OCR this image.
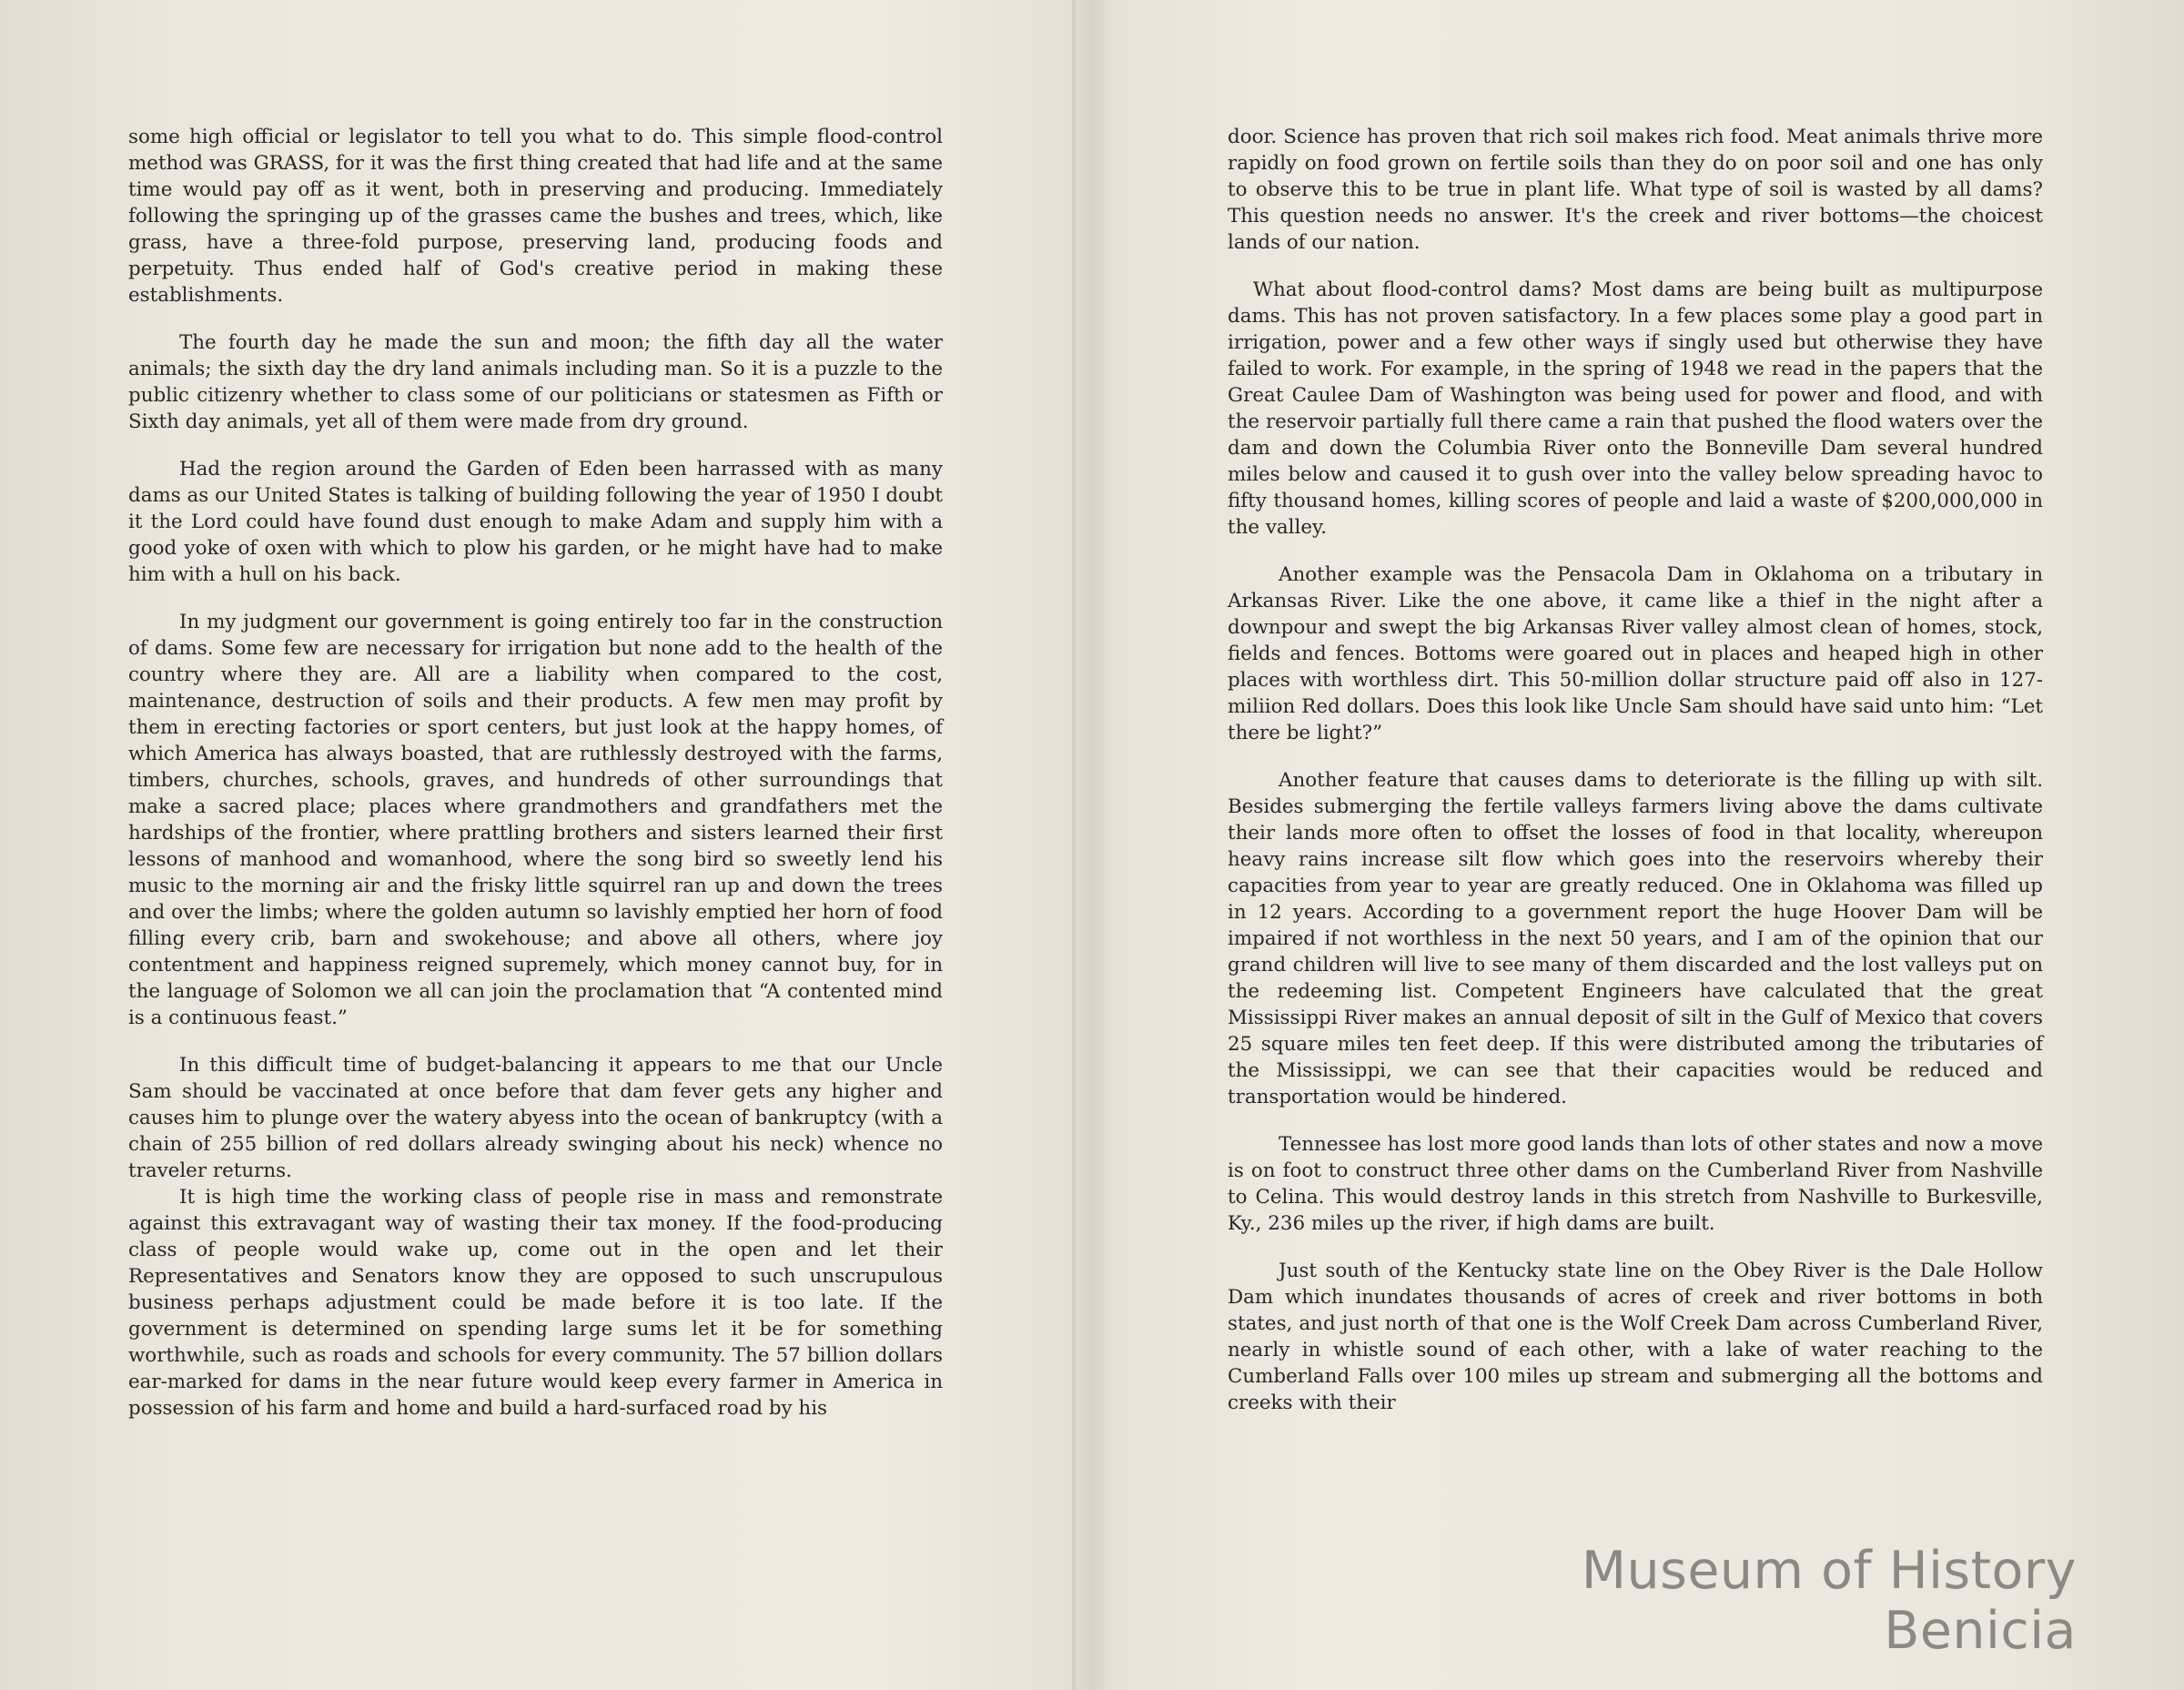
some high official or legislator to tell you what to do. This simple flood-control method was GRASS, for it was the first thing created that had life and at the same time would pay off as it went, both in preserving and producing. Immediately following the springing up of the grasses came the bushes and trees, which, like grass, have a three-fold purpose, preserving land, producing foods and perpetuity. Thus ended half of God's creative period in making these establishments.

The fourth day he made the sun and moon; the fifth day all the water animals; the sixth day the dry land animals including man. So it is a puzzle to the public citizenry whether to class some of our politicians or statesmen as Fifth or Sixth day animals, yet all of them were made from dry ground.

Had the region around the Garden of Eden been harrassed with as many dams as our United States is talking of building following the year of 1950 I doubt it the Lord could have found dust enough to make Adam and supply him with a good yoke of oxen with which to plow his garden, or he might have had to make him with a hull on his back.

In my judgment our government is going entirely too far in the construction of dams. Some few are necessary for irrigation but none add to the health of the country where they are. All are a liability when compared to the cost, maintenance, destruction of soils and their products. A few men may profit by them in erecting factories or sport centers, but just look at the happy homes, of which America has always boasted, that are ruthlessly destroyed with the farms, timbers, churches, schools, graves, and hundreds of other surroundings that make a sacred place; places where grandmothers and grandfathers met the hardships of the frontier, where prattling brothers and sisters learned their first lessons of manhood and womanhood, where the song bird so sweetly lend his music to the morning air and the frisky little squirrel ran up and down the trees and over the limbs; where the golden autumn so lavishly emptied her horn of food filling every crib, barn and swokehouse; and above all others, where joy contentment and happiness reigned supremely, which money cannot buy, for in the language of Solomon we all can join the proclamation that “A contented mind is a continuous feast.”

In this difficult time of budget-balancing it appears to me that our Uncle Sam should be vaccinated at once before that dam fever gets any higher and causes him to plunge over the watery abyess into the ocean of bankruptcy (with a chain of 255 billion of red dollars already swinging about his neck) whence no traveler returns.

It is high time the working class of people rise in mass and remonstrate against this extravagant way of wasting their tax money. If the food-producing class of people would wake up, come out in the open and let their Representatives and Senators know they are opposed to such unscrupulous business perhaps adjustment could be made before it is too late. If the government is determined on spending large sums let it be for something worthwhile, such as roads and schools for every community. The 57 billion dollars ear-marked for dams in the near future would keep every farmer in America in possession of his farm and home and build a hard-surfaced road by his

door. Science has proven that rich soil makes rich food. Meat animals thrive more rapidly on food grown on fertile soils than they do on poor soil and one has only to observe this to be true in plant life. What type of soil is wasted by all dams? This question needs no answer. It's the creek and river bottoms—the choicest lands of our nation.

What about flood-control dams? Most dams are being built as multipurpose dams. This has not proven satisfactory. In a few places some play a good part in irrigation, power and a few other ways if singly used but otherwise they have failed to work. For example, in the spring of 1948 we read in the papers that the Great Caulee Dam of Washington was being used for power and flood, and with the reservoir partially full there came a rain that pushed the flood waters over the dam and down the Columbia River onto the Bonneville Dam several hundred miles below and caused it to gush over into the valley below spreading havoc to fifty thousand homes, killing scores of people and laid a waste of $200,000,000 in the valley.

Another example was the Pensacola Dam in Oklahoma on a tributary in Arkansas River. Like the one above, it came like a thief in the night after a downpour and swept the big Arkansas River valley almost clean of homes, stock, fields and fences. Bottoms were goared out in places and heaped high in other places with worthless dirt. This 50-million dollar structure paid off also in 127-miliion Red dollars. Does this look like Uncle Sam should have said unto him: “Let there be light?”

Another feature that causes dams to deteriorate is the filling up with silt. Besides submerging the fertile valleys farmers living above the dams cultivate their lands more often to offset the losses of food in that locality, whereupon heavy rains increase silt flow which goes into the reservoirs whereby their capacities from year to year are greatly reduced. One in Oklahoma was filled up in 12 years. According to a government report the huge Hoover Dam will be impaired if not worthless in the next 50 years, and I am of the opinion that our grand children will live to see many of them discarded and the lost valleys put on the redeeming list. Competent Engineers have calculated that the great Mississippi River makes an annual deposit of silt in the Gulf of Mexico that covers 25 square miles ten feet deep. If this were distributed among the tributaries of the Mississippi, we can see that their capacities would be reduced and transportation would be hindered.

Tennessee has lost more good lands than lots of other states and now a move is on foot to construct three other dams on the Cumberland River from Nashville to Celina. This would destroy lands in this stretch from Nashville to Burkesville, Ky., 236 miles up the river, if high dams are built.

Just south of the Kentucky state line on the Obey River is the Dale Hollow Dam which inundates thousands of acres of creek and river bottoms in both states, and just north of that one is the Wolf Creek Dam across Cumberland River, nearly in whistle sound of each other, with a lake of water reaching to the Cumberland Falls over 100 miles up stream and submerging all the bottoms and creeks with their

Museum of History Benicia
